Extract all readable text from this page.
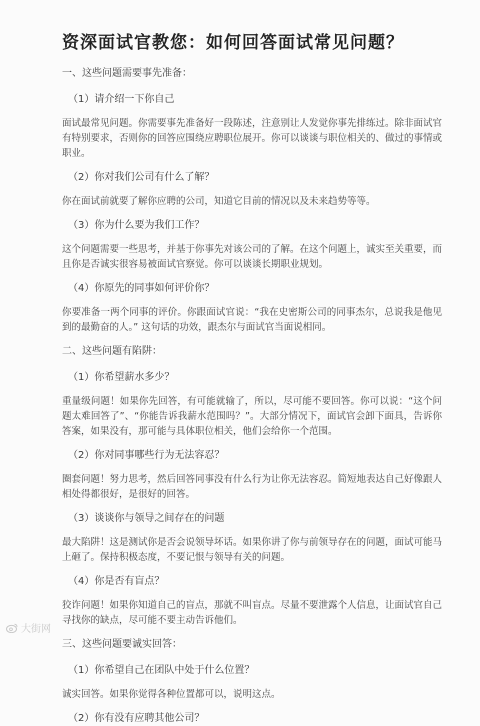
资深面试官教您：如何回答面试常见问题？
一、这些问题需要事先准备：
（1）请介绍一下你自己
面试最常见问题。你需要事先准备好一段陈述，注意别让人发觉你事先排练过。除非面试官有特别要求，否则你的回答应围绕应聘职位展开。你可以谈谈与职位相关的、做过的事情或职业。
（2）你对我们公司有什么了解？
你在面试前就要了解你应聘的公司，知道它目前的情况以及未来趋势等等。
（3）你为什么要为我们工作？
这个问题需要一些思考，并基于你事先对该公司的了解。在这个问题上，诚实至关重要，而且你是否诚实很容易被面试官察觉。你可以谈谈长期职业规划。
（4）你原先的同事如何评价你？
你要准备一两个同事的评价。你跟面试官说：“我在史密斯公司的同事杰尔，总说我是他见到的最勤奋的人。” 这句话的功效，跟杰尔与面试官当面说相同。
二、这些问题有陷阱：
（1）你希望薪水多少？
重量级问题！如果你先回答，有可能就输了，所以，尽可能不要回答。你可以说：“这个问题太难回答了”、“你能告诉我薪水范围吗？”。大部分情况下，面试官会卸下面具，告诉你答案，如果没有，那可能与具体职位相关，他们会给你一个范围。
（2）你对同事哪些行为无法容忍？
圈套问题！努力思考，然后回答同事没有什么行为让你无法容忍。简短地表达自己好像跟人相处得都很好，是很好的回答。
（3）谈谈你与领导之间存在的问题
最大陷阱！这是测试你是否会说领导坏话。如果你讲了你与前领导存在的问题，面试可能马上砸了。保持积极态度，不要记恨与领导有关的问题。
（4）你是否有盲点？
狡诈问题！如果你知道自己的盲点，那就不叫盲点。尽量不要泄露个人信息，让面试官自己寻找你的缺点，尽可能不要主动告诉他们。
三、这些问题要诚实回答：
（1）你希望自己在团队中处于什么位置？
诚实回答。如果你觉得各种位置都可以，说明这点。
（2）你有没有应聘其他公司？
大街网
